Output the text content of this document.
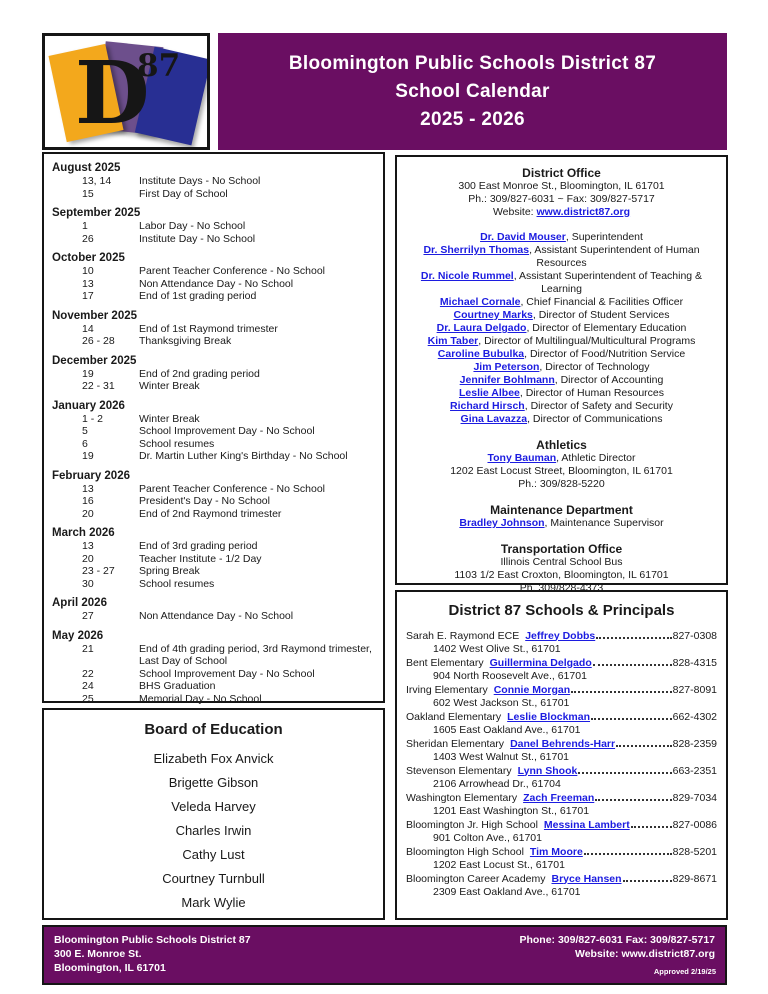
D
87	Bloomington Public Schools District 87
School Calendar
2025 - 2026
August 2025
13, 14	Institute Days - No School
15	First Day of School
September 2025
1	Labor Day - No School
26	Institute Day - No School
October 2025
10	Parent Teacher Conference - No School
13	Non Attendance Day - No School
17	End of 1st grading period
November 2025
14	End of 1st Raymond trimester
26 - 28	Thanksgiving Break
December 2025
19	End of 2nd grading period
22 - 31	Winter Break
January 2026
1 - 2	Winter Break
5	School Improvement Day - No School
6	School resumes
19	Dr. Martin Luther King's Birthday - No School
February 2026
13	Parent Teacher Conference - No School
16	President's Day - No School
20	End of 2nd Raymond trimester
March 2026
13	End of 3rd grading period
20	Teacher Institute - 1/2 Day
23 - 27	Spring Break
30	School resumes
April 2026
27	Non Attendance Day - No School
May 2026
21	End of 4th grading period, 3rd Raymond trimester,
Last Day of School
22	School Improvement Day - No School
24	BHS Graduation
25	Memorial Day - No School
Board of Education
Elizabeth Fox Anvick
Brigette Gibson
Veleda Harvey
Charles Irwin
Cathy Lust
Courtney Turnbull
Mark Wylie
District Office
300 East Monroe St., Bloomington, IL 61701
Ph.: 309/827-6031 ~ Fax: 309/827-5717
Website: www.district87.org
Dr. David Mouser, Superintendent
Dr. Sherrilyn Thomas, Assistant Superintendent of Human Resources
Dr. Nicole Rummel, Assistant Superintendent of Teaching & Learning
Michael Cornale, Chief Financial & Facilities Officer
Courtney Marks, Director of Student Services
Dr. Laura Delgado, Director of Elementary Education
Kim Taber, Director of Multilingual/Multicultural Programs
Caroline Bubulka, Director of Food/Nutrition Service
Jim Peterson, Director of Technology
Jennifer Bohlmann, Director of Accounting
Leslie Albee, Director of Human Resources
Richard Hirsch, Director of Safety and Security
Gina Lavazza, Director of Communications
Athletics
Tony Bauman, Athletic Director
1202 East Locust Street, Bloomington, IL 61701
Ph.: 309/828-5220
Maintenance Department
Bradley Johnson, Maintenance Supervisor
Transportation Office
Illinois Central School Bus
1103 1/2 East Croxton, Bloomington, IL 61701
Ph. 309/828-4373
District 87 Schools & Principals
Sarah E. Raymond ECE Jeffrey Dobbs	827-0308
1402 West Olive St., 61701
Bent Elementary Guillermina Delgado	828-4315
904 North Roosevelt Ave., 61701
Irving Elementary Connie Morgan	827-8091
602 West Jackson St., 61701
Oakland Elementary Leslie Blockman	662-4302
1605 East Oakland Ave., 61701
Sheridan Elementary Danel Behrends-Harr	828-2359
1403 West Walnut St., 61701
Stevenson Elementary Lynn Shook	663-2351
2106 Arrowhead Dr., 61704
Washington Elementary Zach Freeman	829-7034
1201 East Washington St., 61701
Bloomington Jr. High School Messina Lambert	827-0086
901 Colton Ave., 61701
Bloomington High School Tim Moore	828-5201
1202 East Locust St., 61701
Bloomington Career Academy Bryce Hansen	829-8671
2309 East Oakland Ave., 61701
Bloomington Public Schools District 87
300 E. Monroe St.
Bloomington, IL 61701
Phone: 309/827-6031 Fax: 309/827-5717
Website: www.district87.org
Approved 2/19/25
